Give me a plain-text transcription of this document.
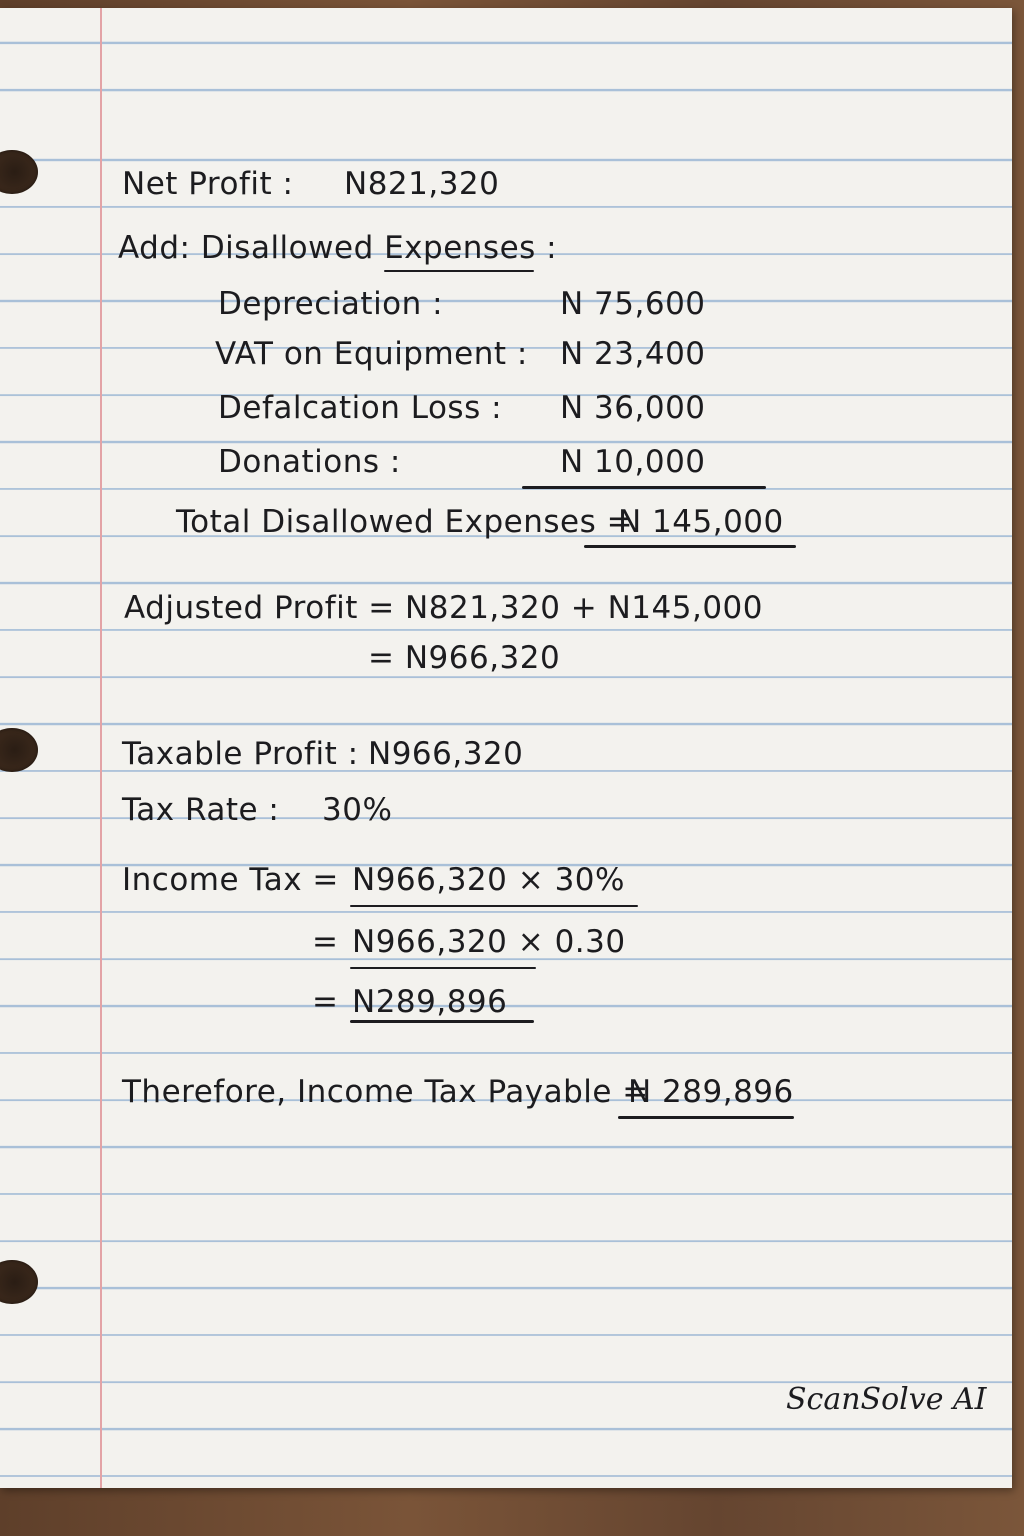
Net Profit : N821,320
Add: Disallowed Expenses :
Depreciation :	N 75,600
VAT on Equipment : N 23,400
Defalcation Loss : N 36,000
Donations :	N 10,000
Total Disallowed Expenses =
N 145,000
Adjusted Profit = N821,320 + N145,000
= N966,320
Taxable Profit : N966,320
Tax Rate : 30%
Income Tax = N966,320 × 30%
= N966,320 × 0.30
= N289,896
Therefore, Income Tax Payable =
N 289,896
ScanSolve AI
